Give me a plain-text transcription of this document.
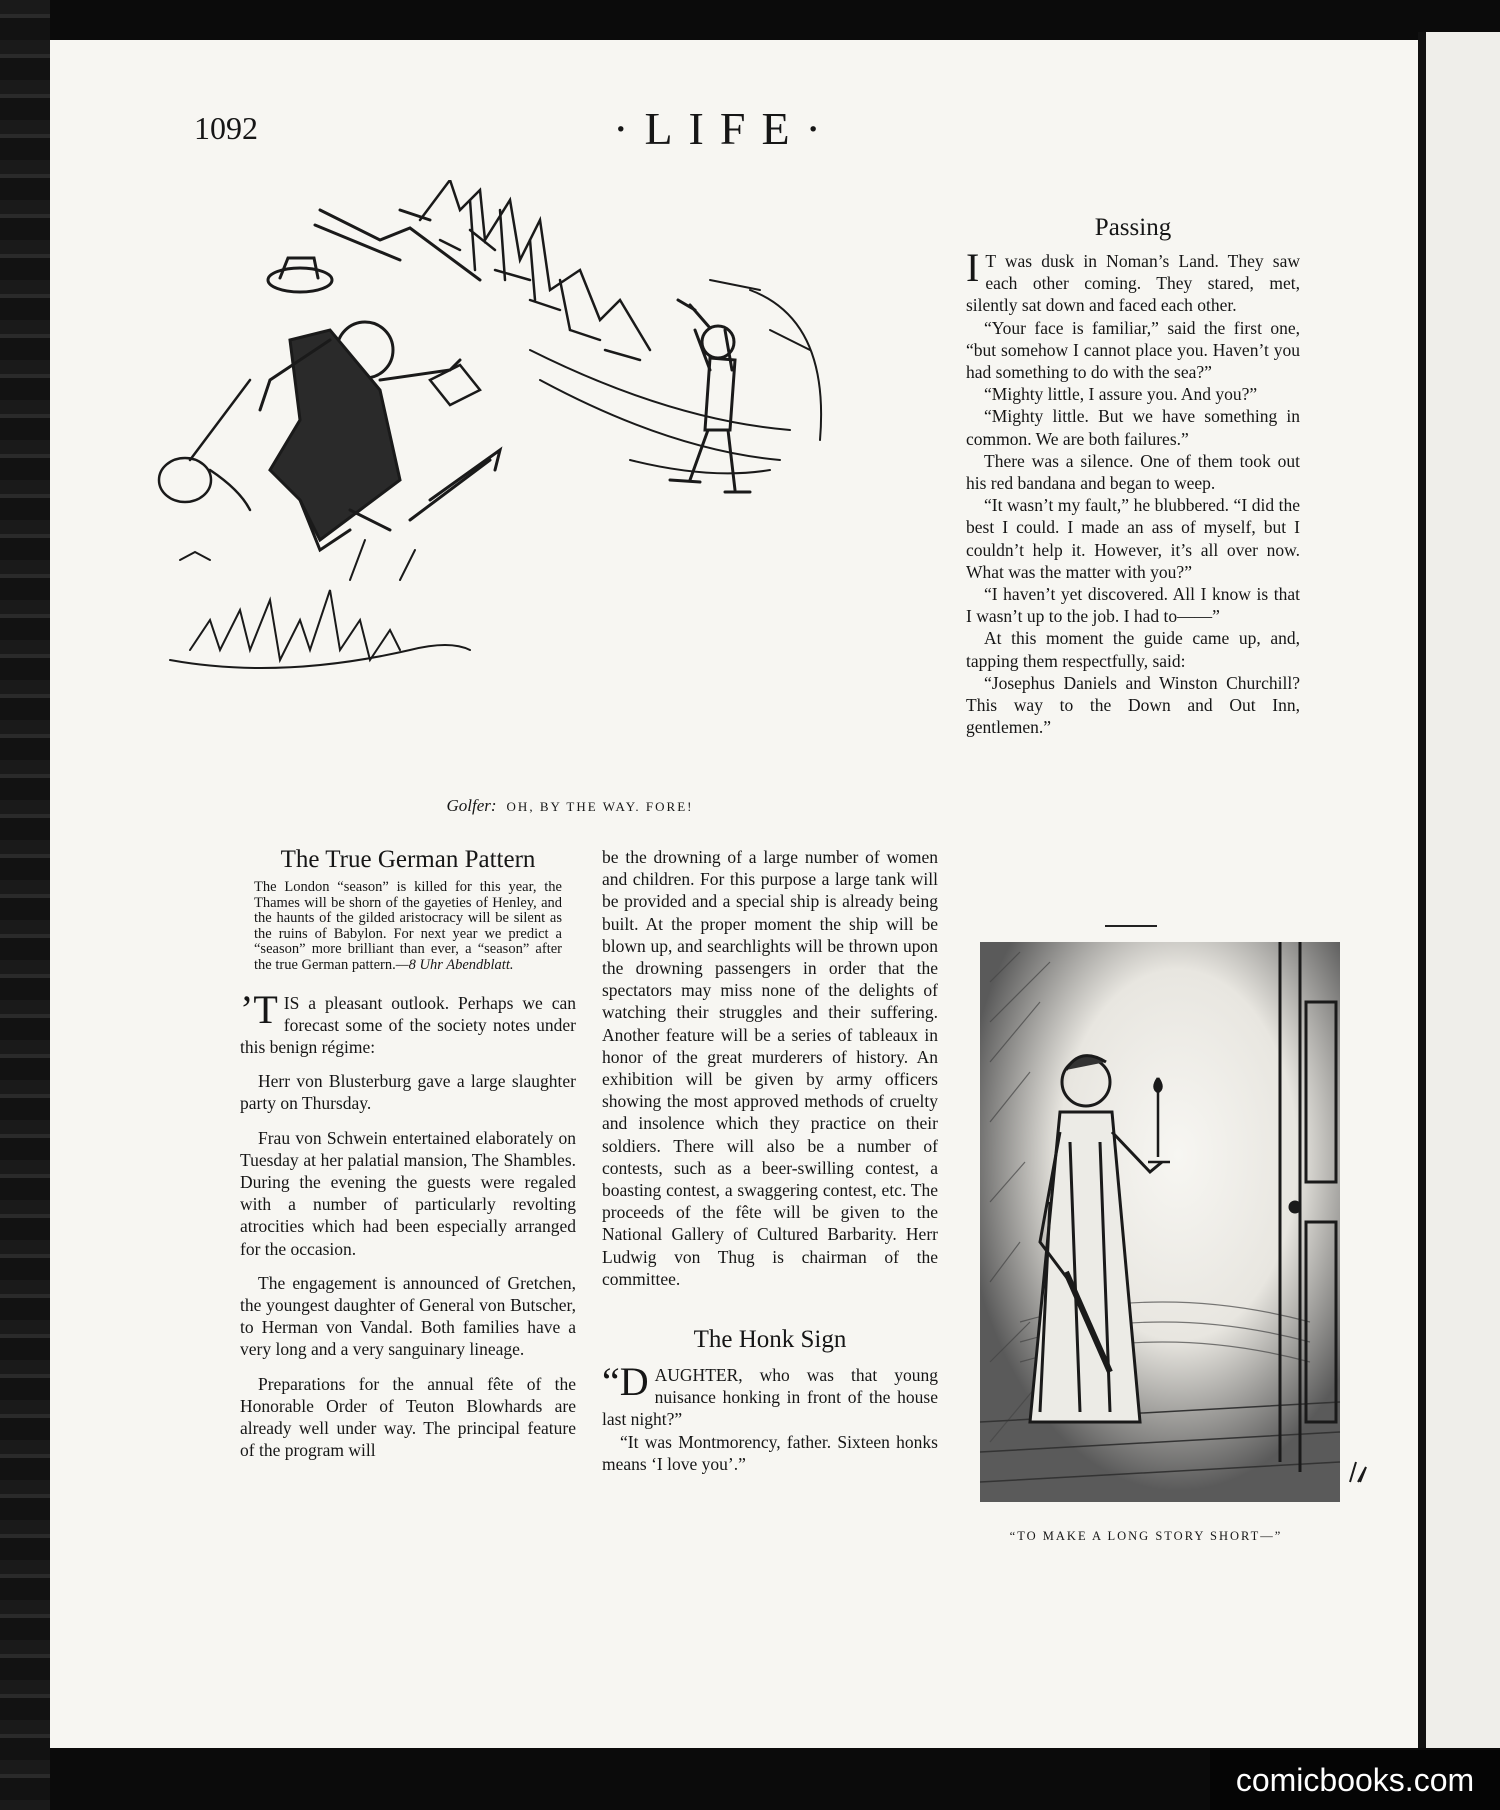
1092	·LIFE·

Golfer: OH, BY THE WAY. FORE!

The True German Pattern

The London “season” is killed for this year, the Thames will be shorn of the gayeties of Henley, and the haunts of the gilded aristocracy will be silent as the ruins of Babylon. For next year we predict a “season” more brilliant than ever, a “season” after the true German pattern.—8 Uhr Abendblatt.

’T IS a pleasant outlook. Perhaps we can forecast some of the society notes under this benign régime:

Herr von Blusterburg gave a large slaughter party on Thursday.

Frau von Schwein entertained elaborately on Tuesday at her palatial mansion, The Shambles. During the evening the guests were regaled with a number of particularly revolting atrocities which had been especially arranged for the occasion.

The engagement is announced of Gretchen, the youngest daughter of General von Butscher, to Herman von Vandal. Both families have a very long and a very sanguinary lineage.

Preparations for the annual fête of the Honorable Order of Teuton Blowhards are already well under way. The principal feature of the program will

be the drowning of a large number of women and children. For this purpose a large tank will be provided and a special ship is already being built. At the proper moment the ship will be blown up, and searchlights will be thrown upon the drowning passengers in order that the spectators may miss none of the delights of watching their struggles and their suffering. Another feature will be a series of tableaux in honor of the great murderers of history. An exhibition will be given by army officers showing the most approved methods of cruelty and insolence which they practice on their soldiers. There will also be a number of contests, such as a beer-swilling contest, a boasting contest, a swaggering contest, etc. The proceeds of the fête will be given to the National Gallery of Cultured Barbarity. Herr Ludwig von Thug is chairman of the committee.

The Honk Sign

“DAUGHTER, who was that young nuisance honking in front of the house last night?”

“It was Montmorency, father. Sixteen honks means ‘I love you’.”

Passing

I T was dusk in Noman’s Land. They saw each other coming. They stared, met, silently sat down and faced each other.

“Your face is familiar,” said the first one, “but somehow I cannot place you. Haven’t you had something to do with the sea?”

“Mighty little, I assure you. And you?”

“Mighty little. But we have something in common. We are both failures.”

There was a silence. One of them took out his red bandana and began to weep.

“It wasn’t my fault,” he blubbered. “I did the best I could. I made an ass of myself, but I couldn’t help it. However, it’s all over now. What was the matter with you?”

“I haven’t yet discovered. All I know is that I wasn’t up to the job. I had to——”

At this moment the guide came up, and, tapping them respectfully, said:

“Josephus Daniels and Winston Churchill? This way to the Down and Out Inn, gentlemen.”

“TO MAKE A LONG STORY SHORT—”

comicbooks.com
